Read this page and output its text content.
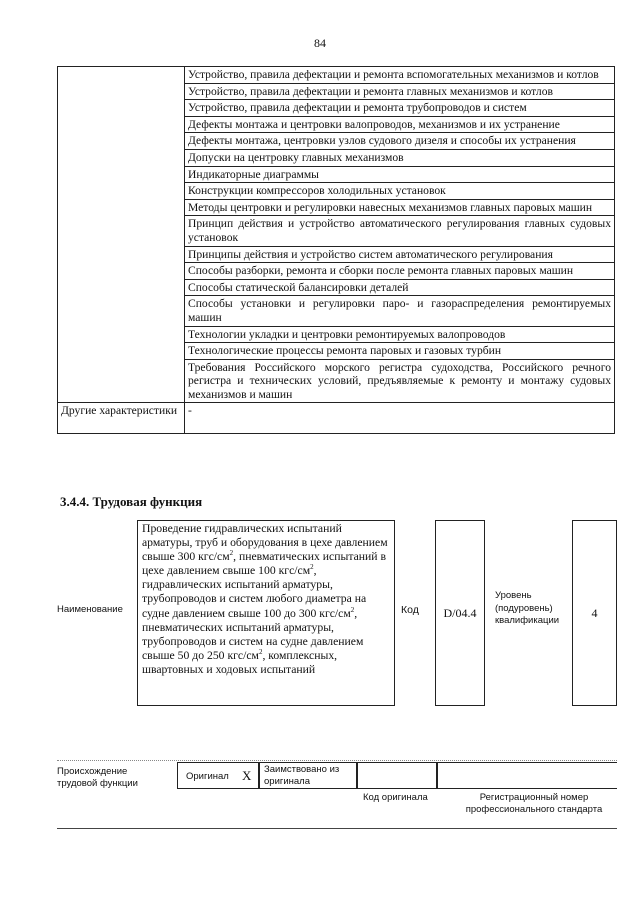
84
	Устройство, правила дефектации и ремонта вспомогательных механизмов и котлов
	Устройство, правила дефектации и ремонта главных механизмов и котлов
	Устройство, правила дефектации и ремонта трубопроводов и систем
	Дефекты монтажа и центровки валопроводов, механизмов и их устранение
	Дефекты монтажа, центровки узлов судового дизеля и способы их устранения
	Допуски на центровку главных механизмов
	Индикаторные диаграммы
	Конструкции компрессоров холодильных установок
	Методы центровки и регулировки навесных механизмов главных паровых машин
	Принцип действия и устройство автоматического регулирования главных судовых установок
	Принципы действия и устройство систем автоматического регулирования
	Способы разборки, ремонта и сборки после ремонта главных паровых машин
	Способы статической балансировки деталей
	Способы установки и регулировки паро- и газораспределения ремонтируемых машин
	Технологии укладки и центровки ремонтируемых валопроводов
	Технологические процессы ремонта паровых и газовых турбин
	Требования Российского морского регистра судоходства, Российского речного регистра и технических условий, предъявляемые к ремонту и монтажу судовых механизмов и машин
Другие характеристики	-
3.4.4. Трудовая функция
Наименование
Проведение гидравлических испытаний арматуры, труб и оборудования в цехе давлением свыше 300 кгс/$см^2$, пневматических испытаний в цехе давлением свыше 100 кгс/$см^2$, гидравлических испытаний арматуры, трубопроводов и систем любого диаметра на судне давлением свыше 100 до 300 кгс/$см^2$, пневматических испытаний арматуры, трубопроводов и систем на судне давлением свыше 50 до 250 кгс/$см^2$, комплексных, швартовных и ходовых испытаний
Код D/04.4
Уровень (подуровень) квалификации
4
Происхождение трудовой функции
Оригинал X Заимствовано из оригинала
Код оригинала	Регистрационный номер профессионального стандарта
